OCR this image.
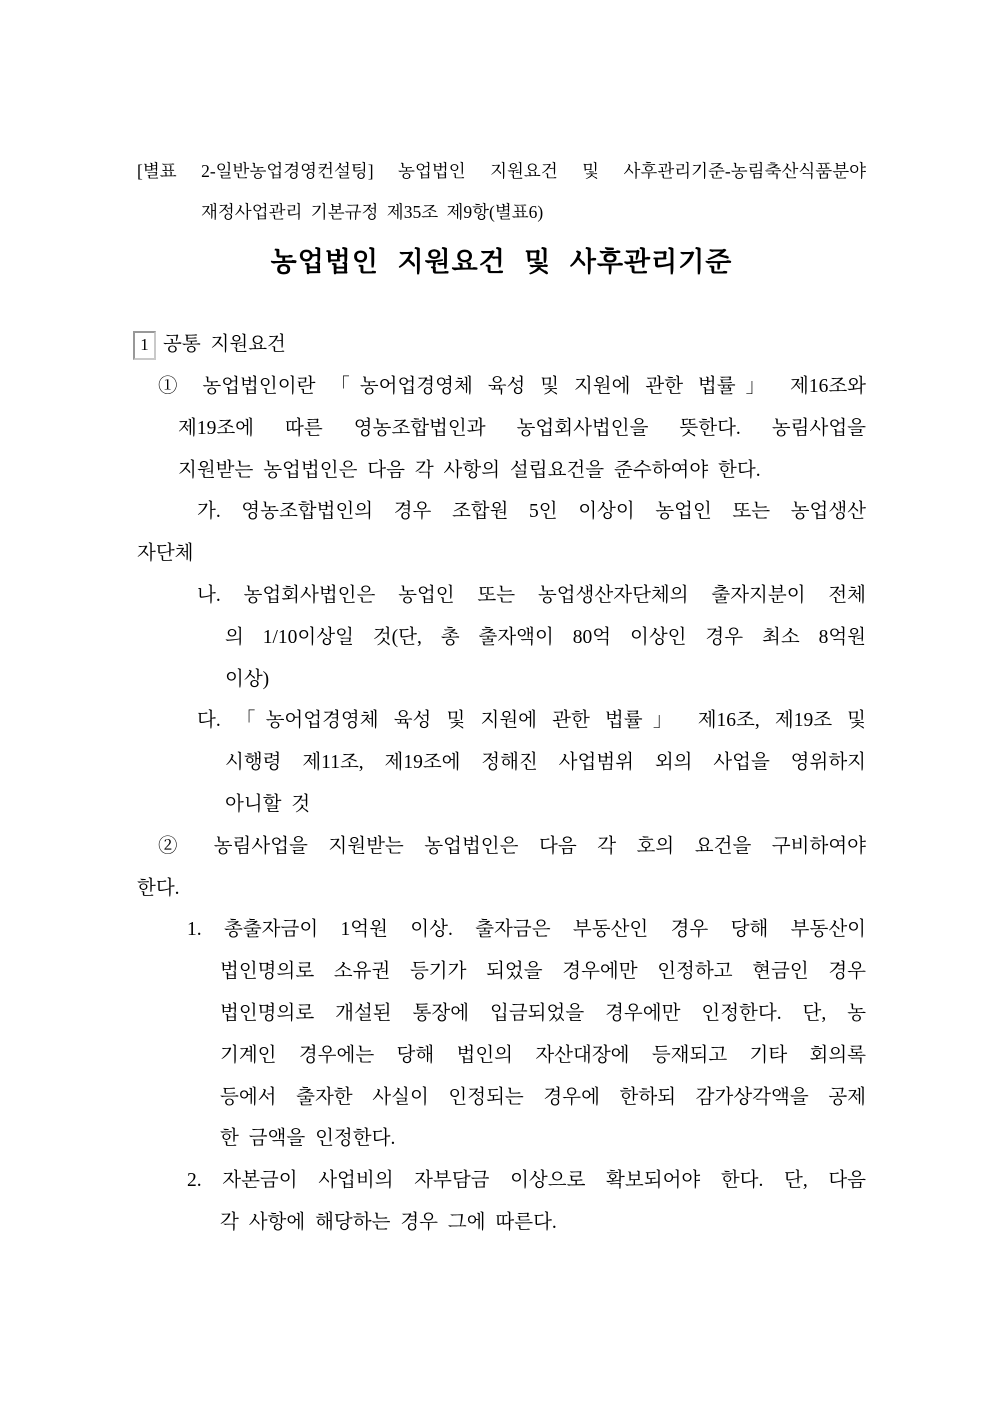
[별표 2-일반농업경영컨설팅] 농업법인 지원요건 및 사후관리기준-농림축산식품분야
재정사업관리 기본규정 제35조 제9항(별표6)
농업법인 지원요건 및 사후관리기준
1 공통 지원요건
① 농업법인이란 「농어업경영체 육성 및 지원에 관한 법률」 제16조와
제19조에 따른 영농조합법인과 농업회사법인을 뜻한다. 농림사업을
지원받는 농업법인은 다음 각 사항의 설립요건을 준수하여야 한다.
가. 영농조합법인의 경우 조합원 5인 이상이 농업인 또는 농업생산
자단체
나. 농업회사법인은 농업인 또는 농업생산자단체의 출자지분이 전체
의 1/10이상일 것(단, 총 출자액이 80억 이상인 경우 최소 8억원
이상)
다. 「농어업경영체 육성 및 지원에 관한 법률」 제16조, 제19조 및
시행령 제11조, 제19조에 정해진 사업범위 외의 사업을 영위하지
아니할 것
② 농림사업을 지원받는 농업법인은 다음 각 호의 요건을 구비하여야
한다.
1. 총출자금이 1억원 이상. 출자금은 부동산인 경우 당해 부동산이
법인명의로 소유권 등기가 되었을 경우에만 인정하고 현금인 경우
법인명의로 개설된 통장에 입금되었을 경우에만 인정한다. 단, 농
기계인 경우에는 당해 법인의 자산대장에 등재되고 기타 회의록
등에서 출자한 사실이 인정되는 경우에 한하되 감가상각액을 공제
한 금액을 인정한다.
2. 자본금이 사업비의 자부담금 이상으로 확보되어야 한다. 단, 다음
각 사항에 해당하는 경우 그에 따른다.
